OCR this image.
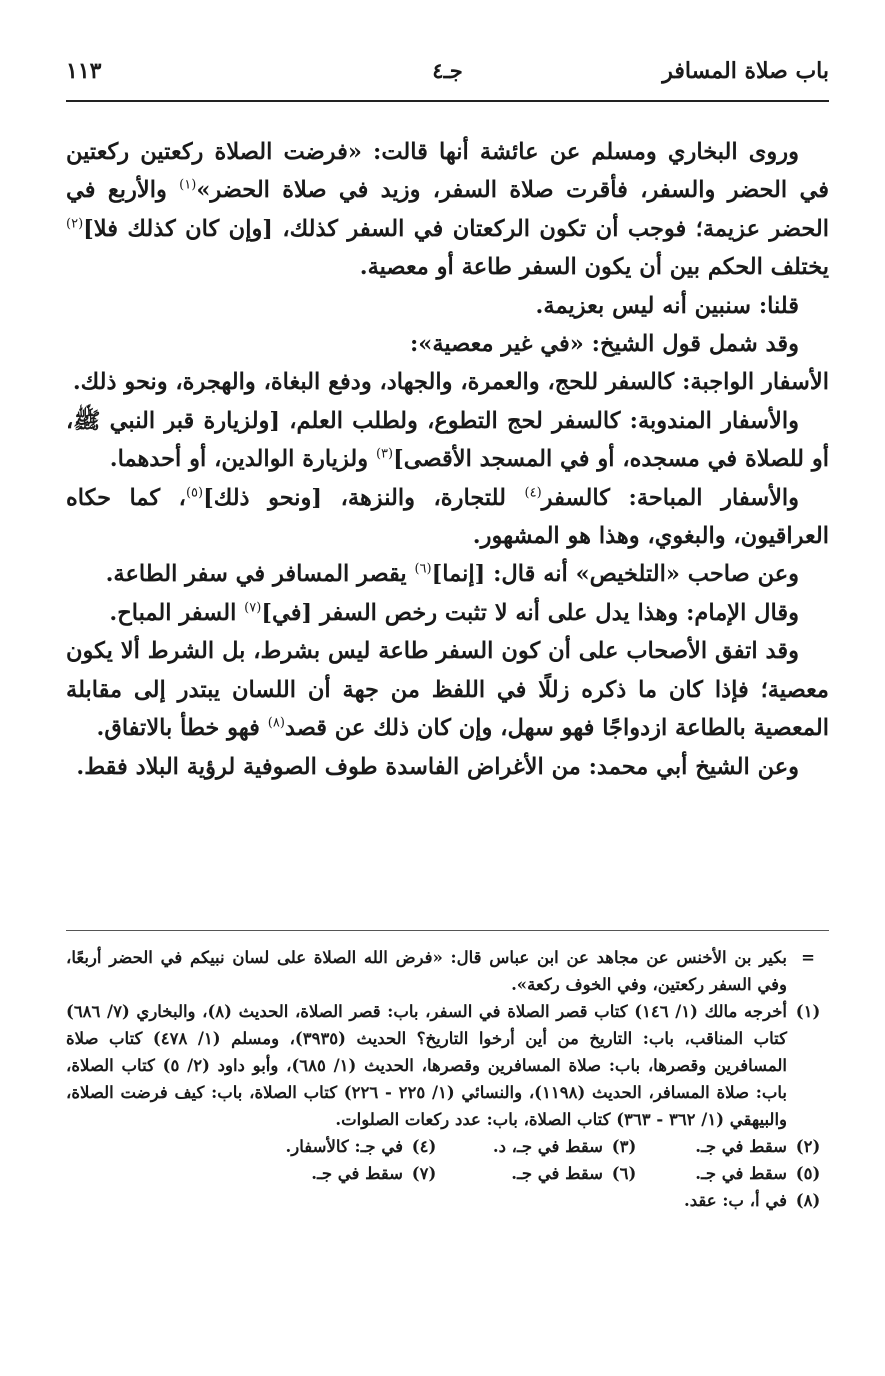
باب صلاة المسافر
جـ٤
١١٣

وروى البخاري ومسلم عن عائشة أنها قالت: «فرضت الصلاة ركعتين ركعتين في الحضر والسفر، فأقرت صلاة السفر، وزيد في صلاة الحضر»$^{(١)}$ والأربع في الحضر عزيمة؛ فوجب أن تكون الركعتان في السفر كذلك، [وإن كان كذلك فلا]$^{(٢)}$ يختلف الحكم بين أن يكون السفر طاعة أو معصية.

قلنا: سنبين أنه ليس بعزيمة.

وقد شمل قول الشيخ: «في غير معصية»:

الأسفار الواجبة: كالسفر للحج، والعمرة، والجهاد، ودفع البغاة، والهجرة، ونحو ذلك.

والأسفار المندوبة: كالسفر لحج التطوع، ولطلب العلم، [ولزيارة قبر النبي ﷺ، أو للصلاة في مسجده، أو في المسجد الأقصى]$^{(٣)}$ ولزيارة الوالدين، أو أحدهما.

والأسفار المباحة: كالسفر$^{(٤)}$ للتجارة، والنزهة، [ونحو ذلك]$^{(٥)}$، كما حكاه العراقيون، والبغوي، وهذا هو المشهور.

وعن صاحب «التلخيص» أنه قال: [إنما]$^{(٦)}$ يقصر المسافر في سفر الطاعة.

وقال الإمام: وهذا يدل على أنه لا تثبت رخص السفر [في]$^{(٧)}$ السفر المباح.

وقد اتفق الأصحاب على أن كون السفر طاعة ليس بشرط، بل الشرط ألا يكون معصية؛ فإذا كان ما ذكره زللًا في اللفظ من جهة أن اللسان يبتدر إلى مقابلة المعصية بالطاعة ازدواجًا فهو سهل، وإن كان ذلك عن قصد$^{(٨)}$ فهو خطأ بالاتفاق.

وعن الشيخ أبي محمد: من الأغراض الفاسدة طوف الصوفية لرؤية البلاد فقط.

=
بكير بن الأخنس عن مجاهد عن ابن عباس قال: «فرض الله الصلاة على لسان نبيكم في الحضر أربعًا، وفي السفر ركعتين، وفي الخوف ركعة».
(١)
أخرجه مالك (١/ ١٤٦) كتاب قصر الصلاة في السفر، باب: قصر الصلاة، الحديث (٨)، والبخاري (٧/ ٦٨٦) كتاب المناقب، باب: التاريخ من أين أرخوا التاريخ؟ الحديث (٣٩٣٥)، ومسلم (١/ ٤٧٨) كتاب صلاة المسافرين وقصرها، باب: صلاة المسافرين وقصرها، الحديث (١/ ٦٨٥)، وأبو داود (٢/ ٥) كتاب الصلاة، باب: صلاة المسافر، الحديث (١١٩٨)، والنسائي (١/ ٢٢٥ - ٢٢٦) كتاب الصلاة، باب: كيف فرضت الصلاة، والبيهقي (١/ ٣٦٢ - ٣٦٣) كتاب الصلاة، باب: عدد ركعات الصلوات.
(٢)
سقط في جـ.
(٣)
سقط في جـ، د.
(٤)
في جـ: كالأسفار.
(٥)
سقط في جـ.
(٦)
سقط في جـ.
(٧)
سقط في جـ.
(٨)
في أ، ب: عقد.
